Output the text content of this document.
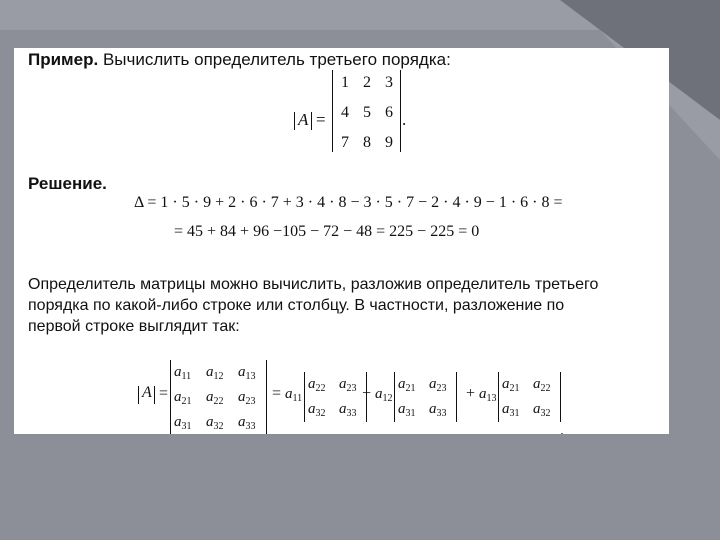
Пример. Вычислить определитель третьего порядка:
A =	.
1 2 3
4 5 6
7 8 9
Решение.
Δ = 1 · 5 · 9 + 2 · 6 · 7 + 3 · 4 · 8 − 3 · 5 · 7 − 2 · 4 · 9 − 1 · 6 · 8 =
= 45 + 84 + 96 −105 − 72 − 48 = 225 − 225 = 0
Определитель матрицы можно вычислить, разложив определитель третьего
порядка по какой-либо строке или столбцу. В частности, разложение по
первой строке выглядит так:
A =
$a_{11}$ $a_{12}$ $a_{13}$
$a_{21}$ $a_{22}$ $a_{23}$
$a_{31}$ $a_{32}$ $a_{33}$
= $a_{11}$
$a_{22}$ $a_{23}$
$a_{32}$ $a_{33}$
− $a_{12}$
$a_{21}$ $a_{23}$
$a_{31}$ $a_{33}$
+ $a_{13}$
$a_{21}$ $a_{22}$
$a_{31}$ $a_{32}$
.
